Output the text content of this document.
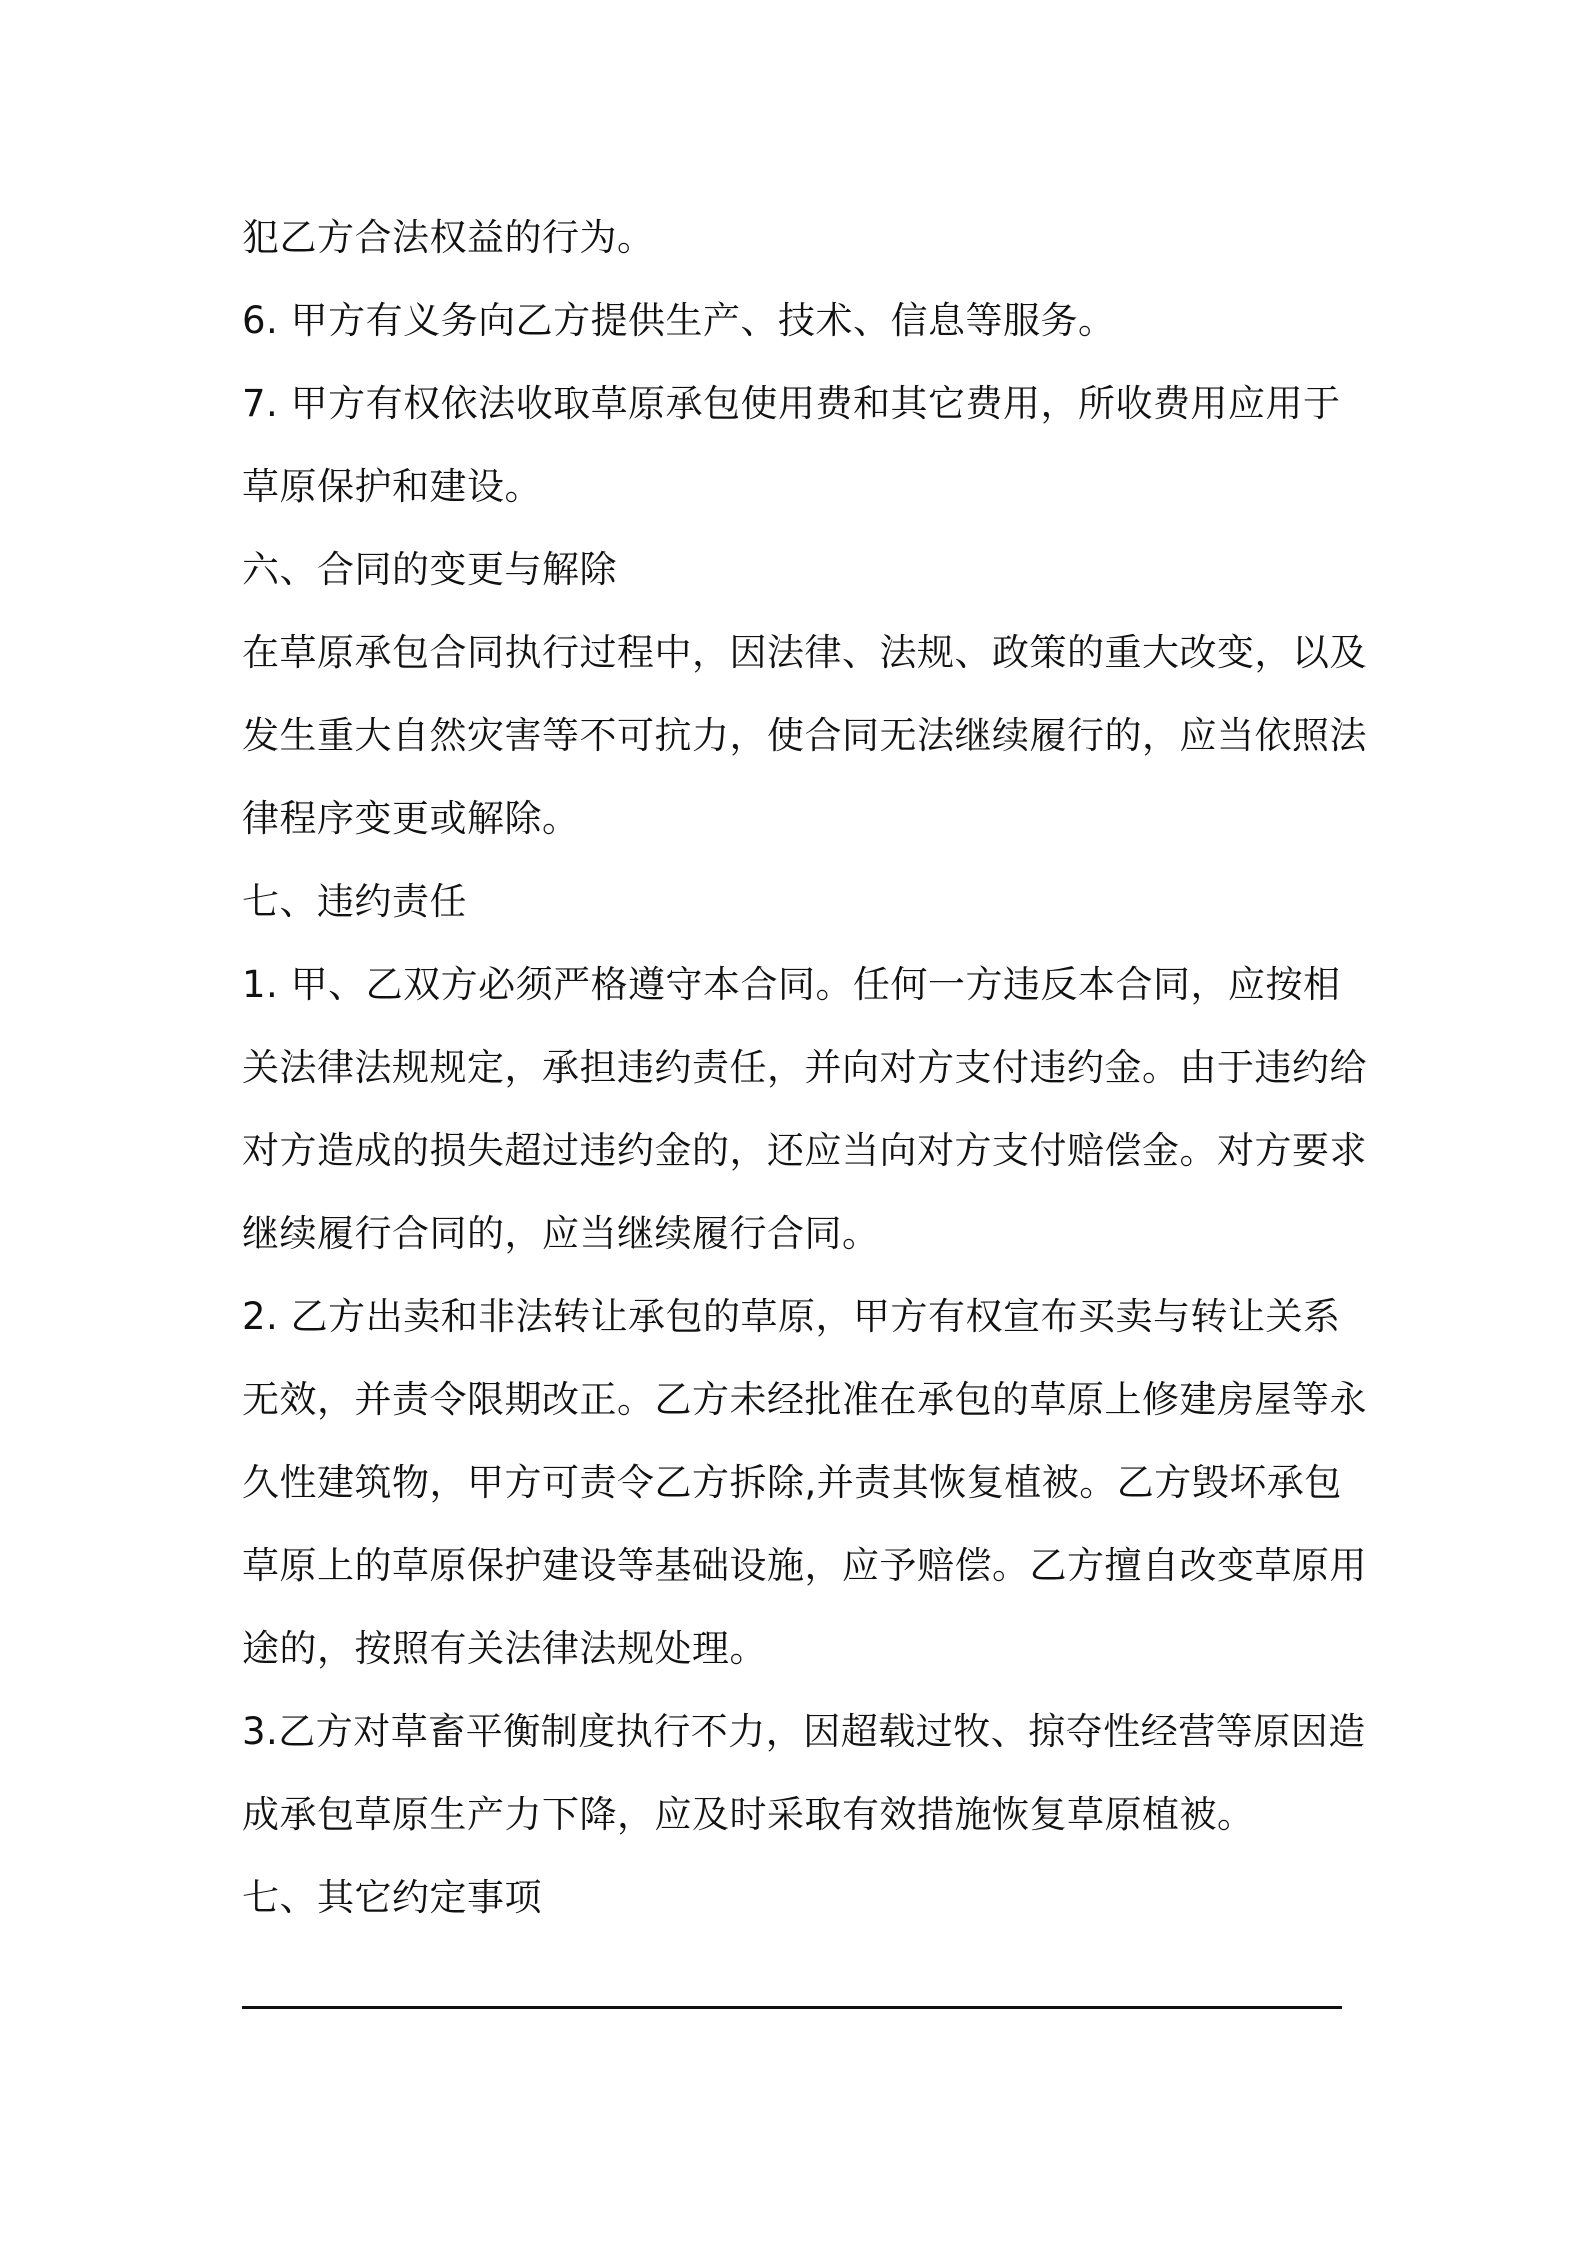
犯乙方合法权益的行为。
6. 甲方有义务向乙方提供生产、技术、信息等服务。
7. 甲方有权依法收取草原承包使用费和其它费用，所收费用应用于
草原保护和建设。
六、合同的变更与解除
在草原承包合同执行过程中，因法律、法规、政策的重大改变，以及
发生重大自然灾害等不可抗力，使合同无法继续履行的，应当依照法
律程序变更或解除。
七、违约责任
1. 甲、乙双方必须严格遵守本合同。任何一方违反本合同，应按相
关法律法规规定，承担违约责任，并向对方支付违约金。由于违约给
对方造成的损失超过违约金的，还应当向对方支付赔偿金。对方要求
继续履行合同的，应当继续履行合同。
2. 乙方出卖和非法转让承包的草原，甲方有权宣布买卖与转让关系
无效，并责令限期改正。乙方未经批准在承包的草原上修建房屋等永
久性建筑物，甲方可责令乙方拆除,并责其恢复植被。乙方毁坏承包
草原上的草原保护建设等基础设施，应予赔偿。乙方擅自改变草原用
途的，按照有关法律法规处理。
3.乙方对草畜平衡制度执行不力，因超载过牧、掠夺性经营等原因造
成承包草原生产力下降，应及时采取有效措施恢复草原植被。
七、其它约定事项
